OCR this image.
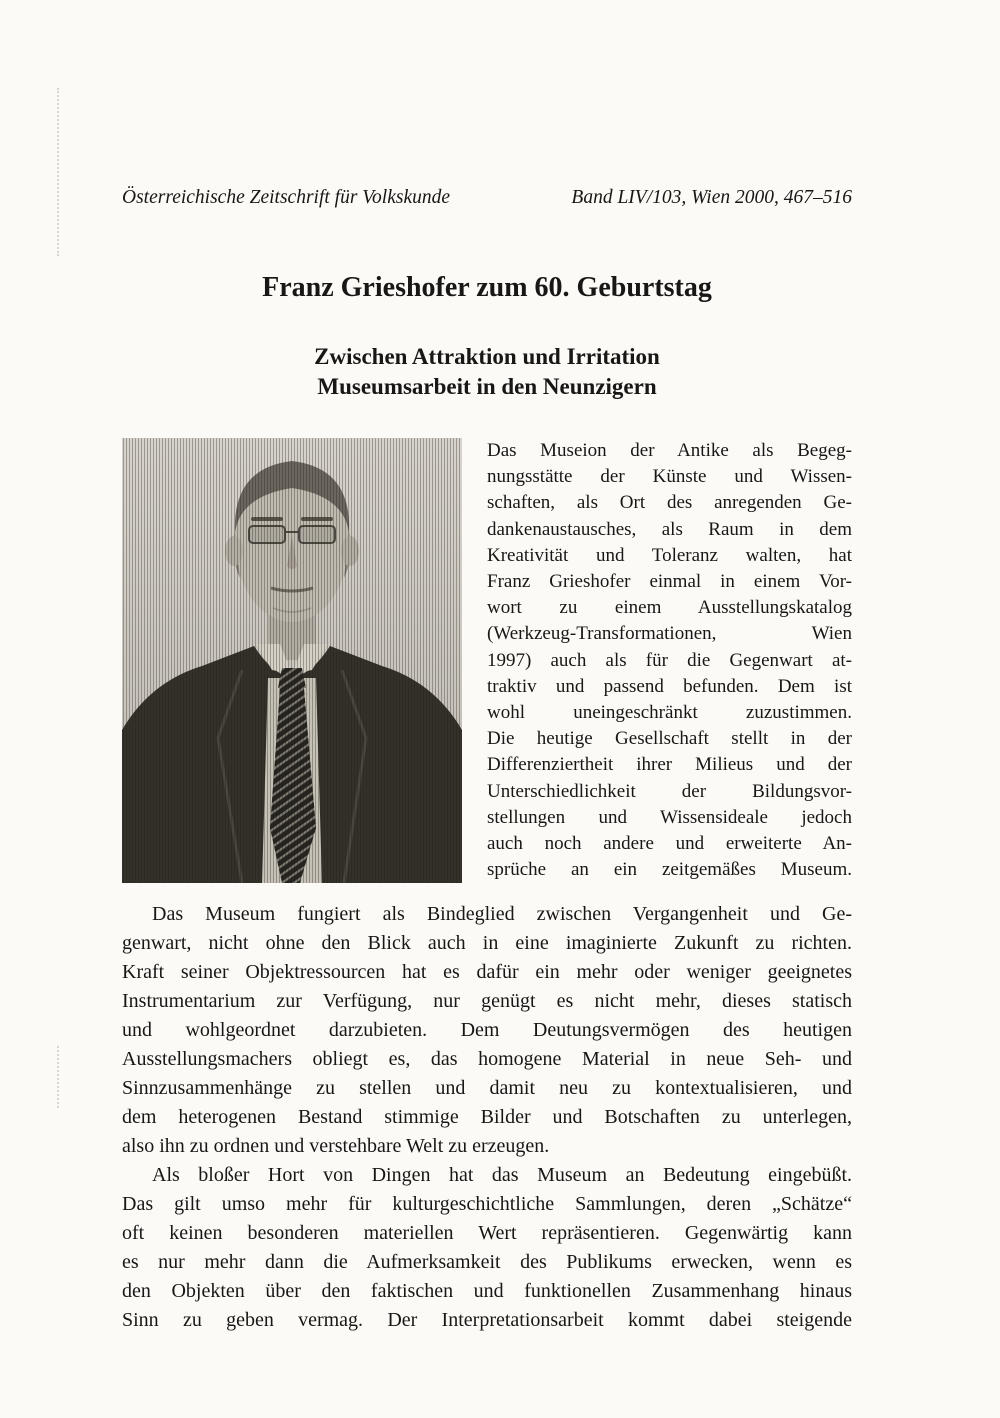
Österreichische Zeitschrift für Volkskunde	Band LIV/103, Wien 2000, 467–516
Franz Grieshofer zum 60. Geburtstag
Zwischen Attraktion und Irritation
Museumsarbeit in den Neunzigern
Das Museion der Antike als Begeg-
nungsstätte der Künste und Wissen-
schaften, als Ort des anregenden Ge-
dankenaustausches, als Raum in dem
Kreativität und Toleranz walten, hat
Franz Grieshofer einmal in einem Vor-
wort zu einem Ausstellungskatalog
(Werkzeug-Transformationen, Wien
1997) auch als für die Gegenwart at-
traktiv und passend befunden. Dem ist
wohl uneingeschränkt zuzustimmen.
Die heutige Gesellschaft stellt in der
Differenziertheit ihrer Milieus und der
Unterschiedlichkeit der Bildungsvor-
stellungen und Wissensideale jedoch
auch noch andere und erweiterte An-
sprüche an ein zeitgemäßes Museum.
Das Museum fungiert als Bindeglied zwischen Vergangenheit und Ge-
genwart, nicht ohne den Blick auch in eine imaginierte Zukunft zu richten.
Kraft seiner Objektressourcen hat es dafür ein mehr oder weniger geeignetes
Instrumentarium zur Verfügung, nur genügt es nicht mehr, dieses statisch
und wohlgeordnet darzubieten. Dem Deutungsvermögen des heutigen
Ausstellungsmachers obliegt es, das homogene Material in neue Seh- und
Sinnzusammenhänge zu stellen und damit neu zu kontextualisieren, und
dem heterogenen Bestand stimmige Bilder und Botschaften zu unterlegen,
also ihn zu ordnen und verstehbare Welt zu erzeugen.
Als bloßer Hort von Dingen hat das Museum an Bedeutung eingebüßt.
Das gilt umso mehr für kulturgeschichtliche Sammlungen, deren „Schätze“
oft keinen besonderen materiellen Wert repräsentieren. Gegenwärtig kann
es nur mehr dann die Aufmerksamkeit des Publikums erwecken, wenn es
den Objekten über den faktischen und funktionellen Zusammenhang hinaus
Sinn zu geben vermag. Der Interpretationsarbeit kommt dabei steigende
